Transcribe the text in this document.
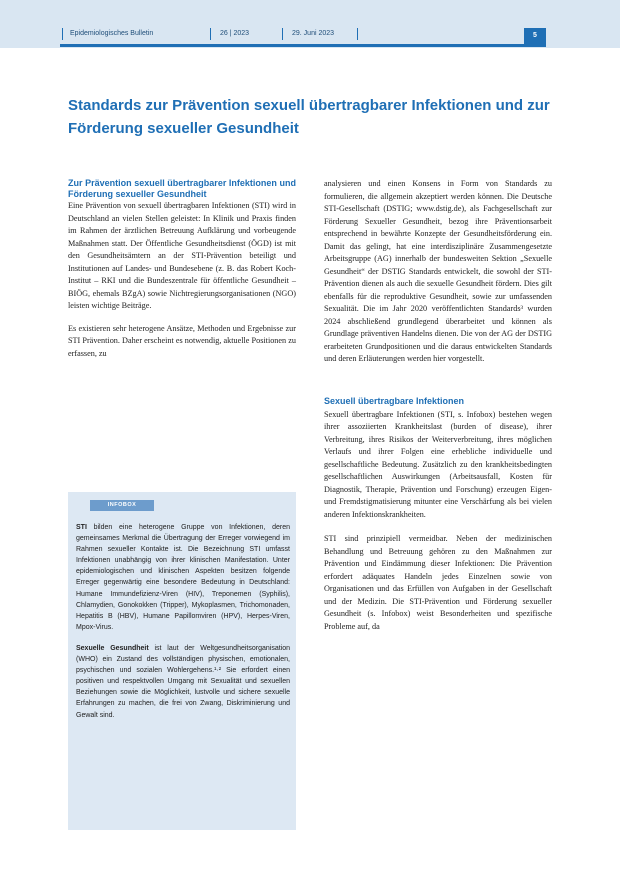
Epidemiologisches Bulletin	26 | 2023	29. Juni 2023	5
Standards zur Prävention sexuell übertragbarer Infektionen und zur Förderung sexueller Gesundheit
Zur Prävention sexuell übertragbarer Infektionen und Förderung sexueller Gesundheit

Eine Prävention von sexuell übertragbaren Infektionen (STI) wird in Deutschland an vielen Stellen geleistet: In Klinik und Praxis finden im Rahmen der ärztlichen Betreuung Aufklärung und vorbeugende Maßnahmen statt. Der Öffentliche Gesundheitsdienst (ÖGD) ist mit den Gesundheitsämtern an der STI-Prävention beteiligt und Institutionen auf Landes- und Bundesebene (z. B. das Robert Koch-Institut – RKI und die Bundeszentrale für öffentliche Gesundheit – BIÖG, ehemals BZgA) sowie Nichtregierungsorganisationen (NGO) leisten wichtige Beiträge.

Es existieren sehr heterogene Ansätze, Methoden und Ergebnisse zur STI Prävention. Daher erscheint es notwendig, aktuelle Positionen zu erfassen, zu

INFOBOX

STI bilden eine heterogene Gruppe von Infektionen, deren gemeinsames Merkmal die Übertragung der Erreger vorwiegend im Rahmen sexueller Kontakte ist. Die Bezeichnung STI umfasst Infektionen unabhängig von ihrer klinischen Manifestation. Unter epidemiologischen und klinischen Aspekten besitzen folgende Erreger gegenwärtig eine besondere Bedeutung in Deutschland: Humane Immundefizienz-Viren (HIV), Treponemen (Syphilis), Chlamydien, Gonokokken (Tripper), Mykoplasmen, Trichomonaden, Hepatitis B (HBV), Humane Papillomviren (HPV), Herpes-Viren, Mpox-Virus.

Sexuelle Gesundheit ist laut der Weltgesundheitsorganisation (WHO) ein Zustand des vollständigen physischen, emotionalen, psychischen und sozialen Wohlergehens.¹·² Sie erfordert einen positiven und respektvollen Umgang mit Sexualität und sexuellen Beziehungen sowie die Möglichkeit, lustvolle und sichere sexuelle Erfahrungen zu machen, die frei von Zwang, Diskriminierung und Gewalt sind.

analysieren und einen Konsens in Form von Standards zu formulieren, die allgemein akzeptiert werden können. Die Deutsche STI-Gesellschaft (DSTIG; www.dstig.de), als Fachgesellschaft zur Förderung Sexueller Gesundheit, bezog ihre Präventionsarbeit entsprechend in bewährte Konzepte der Gesundheitsförderung ein. Damit das gelingt, hat eine interdisziplinäre Zusammengesetzte Arbeitsgruppe (AG) innerhalb der bundesweiten Sektion „Sexuelle Gesundheit“ der DSTIG Standards entwickelt, die sowohl der STI-Prävention dienen als auch die sexuelle Gesundheit fördern. Dies gilt ebenfalls für die reproduktive Gesundheit, sowie zur umfassenden Sexualität. Die im Jahr 2020 veröffentlichten Standards³ wurden 2024 abschließend grundlegend überarbeitet und können als Grundlage präventiven Handelns dienen. Die von der AG der DSTIG erarbeiteten Grundpositionen und die daraus entwickelten Standards und deren Erläuterungen werden hier vorgestellt.

Sexuell übertragbare Infektionen

Sexuell übertragbare Infektionen (STI, s. Infobox) bestehen wegen ihrer assoziierten Krankheitslast (burden of disease), ihrer Verbreitung, ihres Risikos der Weiterverbreitung, ihres möglichen Verlaufs und ihrer Folgen eine erhebliche individuelle und gesellschaftliche Bedeutung. Zusätzlich zu den krankheitsbedingten gesellschaftlichen Auswirkungen (Arbeitsausfall, Kosten für Diagnostik, Therapie, Prävention und Forschung) erzeugen Eigen- und Fremdstigmatisierung mitunter eine Verschärfung als bei vielen anderen Infektionskrankheiten.

STI sind prinzipiell vermeidbar. Neben der medizinischen Behandlung und Betreuung gehören zu den Maßnahmen zur Prävention und Eindämmung dieser Infektionen: Die Prävention erfordert adäquates Handeln jedes Einzelnen sowie von Organisationen und das Erfüllen von Aufgaben in der Gesellschaft und der Medizin. Die STI-Prävention und Förderung sexueller Gesundheit (s. Infobox) weist Besonderheiten und spezifische Probleme auf, da
